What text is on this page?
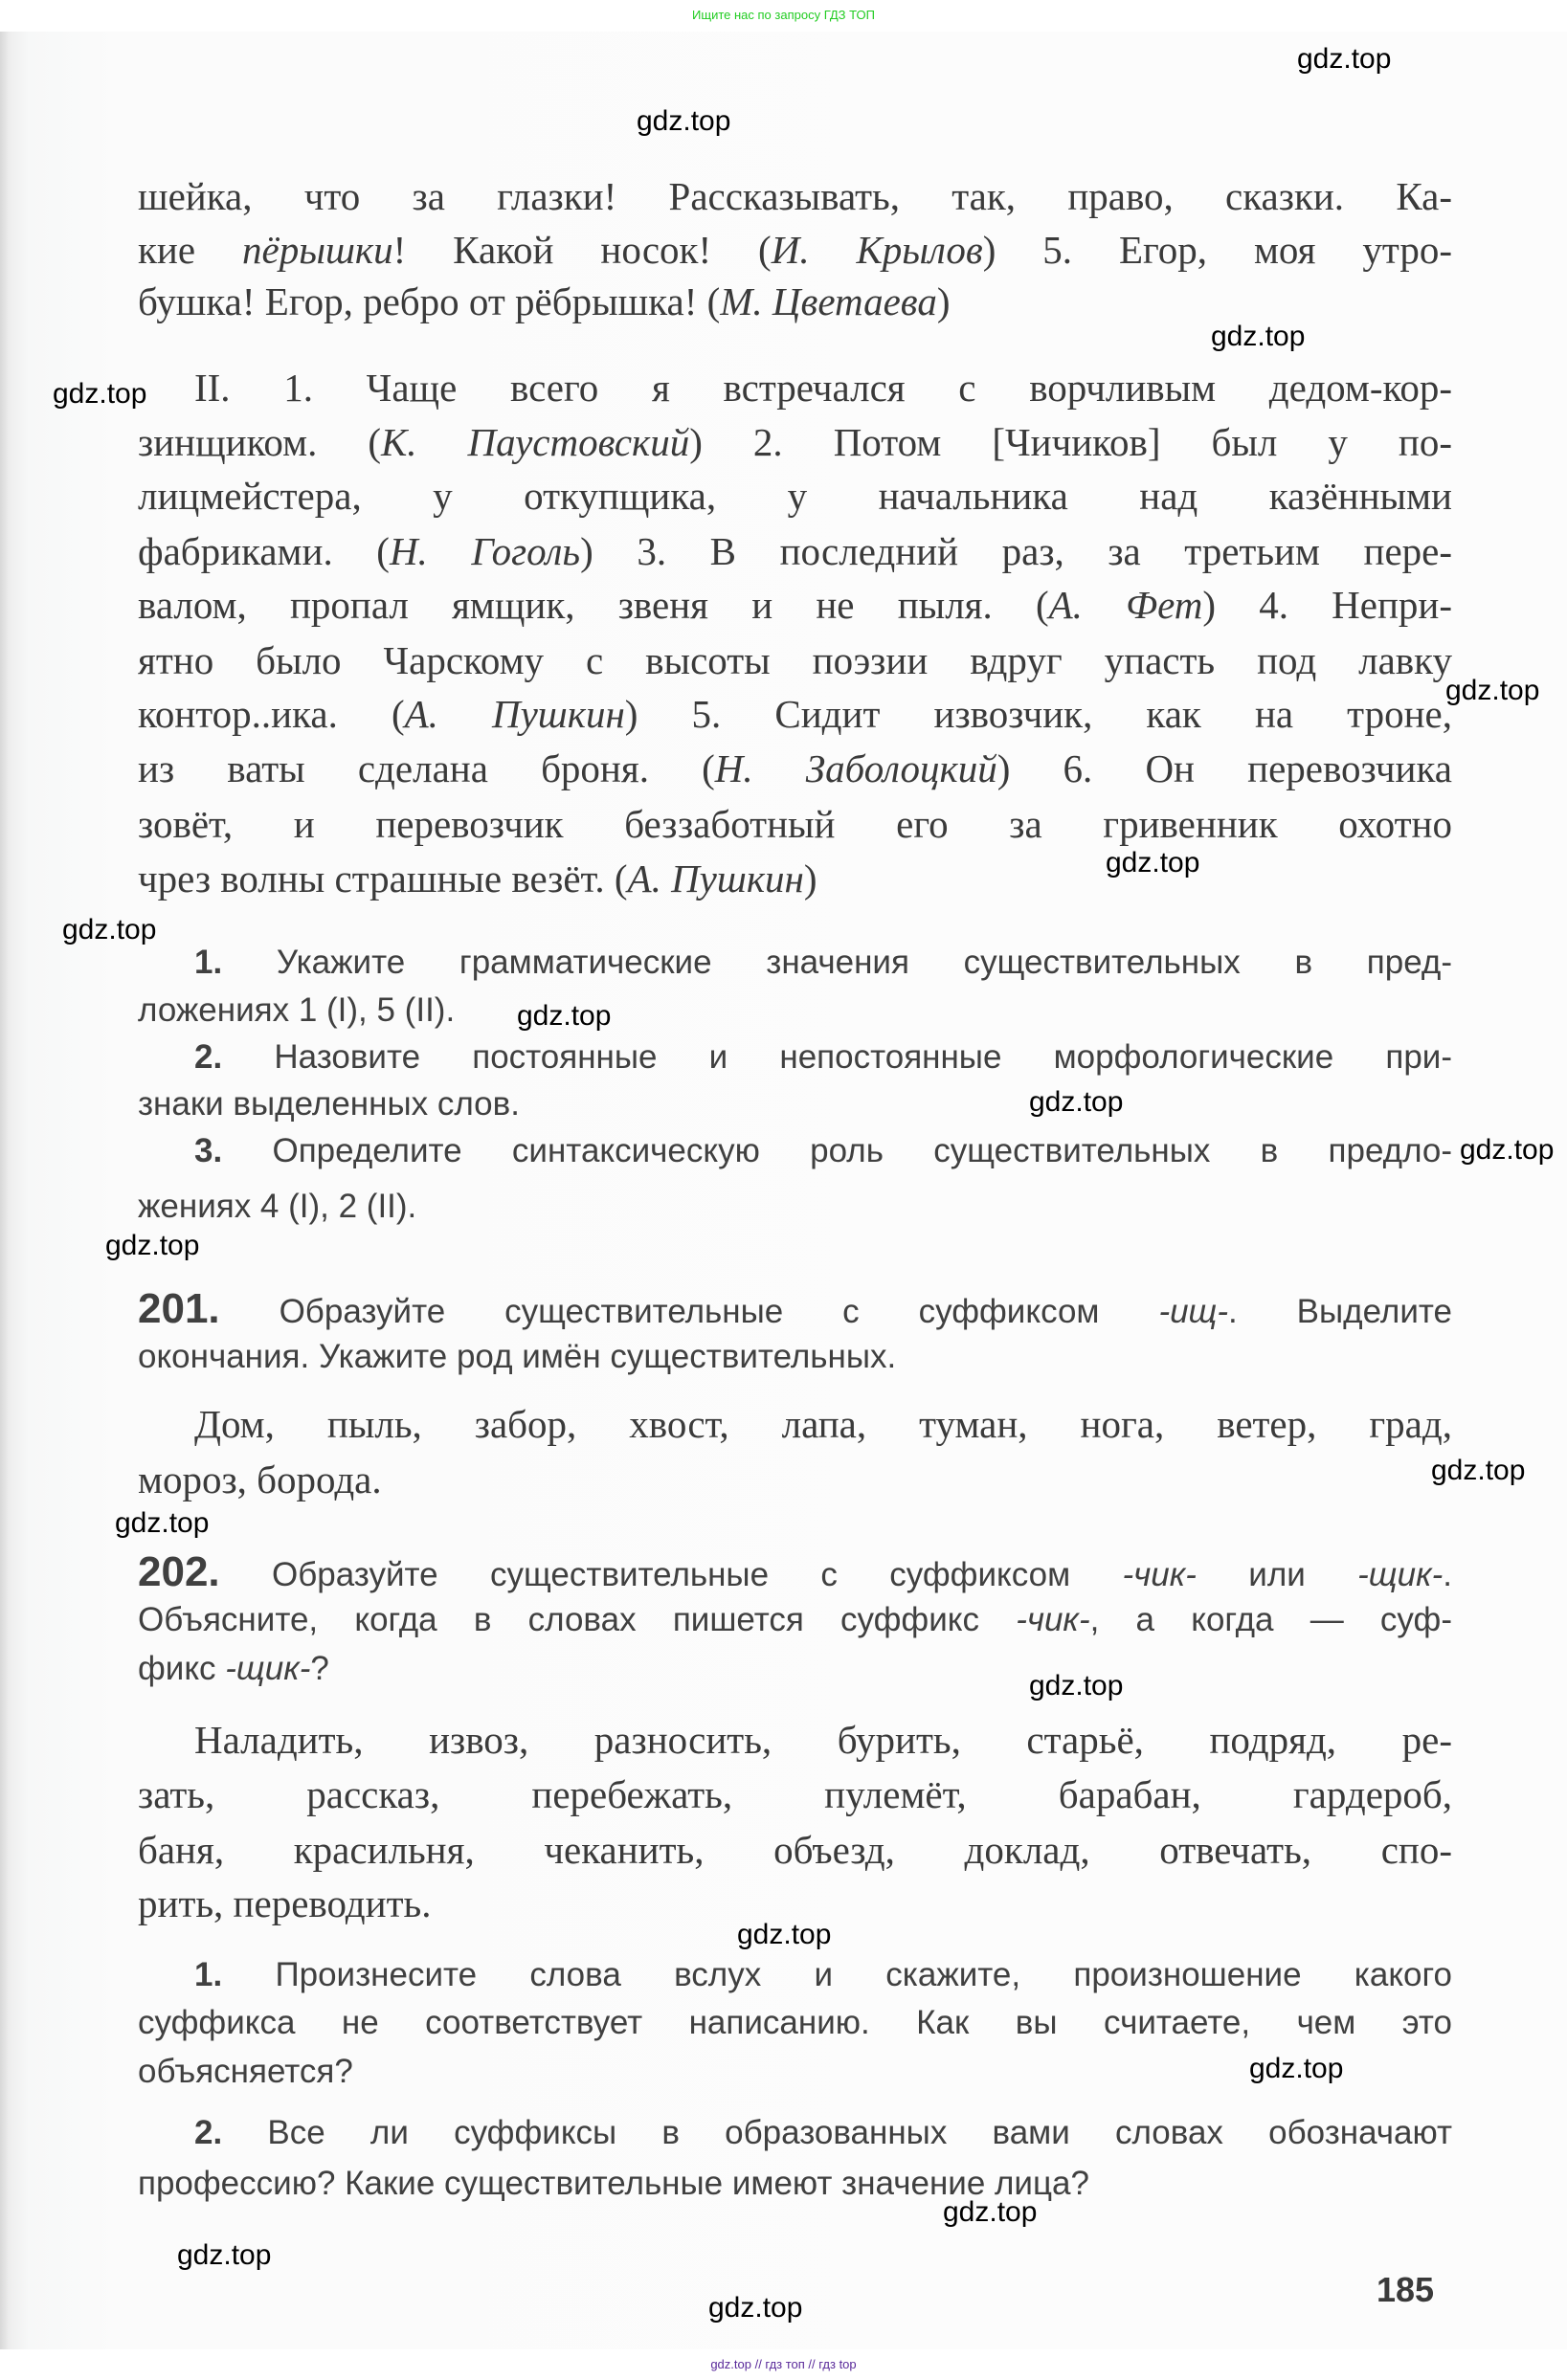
Ищите нас по запросу ГДЗ ТОП
шейка, что за глазки! Рассказывать, так, право, сказки. Ка-
кие пёрышки! Какой носок! (И. Крылов) 5. Егор, моя утро-
бушка! Егор, ребро от рёбрышка! (М. Цветаева)
II. 1. Чаще всего я встречался с ворчливым дедом-кор-
зинщиком. (К. Паустовский) 2. Потом [Чичиков] был у по-
лицмейстера, у откупщика, у начальника над казёнными
фабриками. (Н. Гоголь) 3. В последний раз, за третьим пере-
валом, пропал ямщик, звеня и не пыля. (А. Фет) 4. Непри-
ятно было Чарскому с высоты поэзии вдруг упасть под лавку
контор..ика. (А. Пушкин) 5. Сидит извозчик, как на троне,
из ваты сделана броня. (Н. Заболоцкий) 6. Он перевозчика
зовёт, и перевозчик беззаботный его за гривенник охотно
чрез волны страшные везёт. (А. Пушкин)
1. Укажите грамматические значения существительных в пред-
ложениях 1 (I), 5 (II).
2. Назовите постоянные и непостоянные морфологические при-
знаки выделенных слов.
3. Определите синтаксическую роль существительных в предло-
жениях 4 (I), 2 (II).
201. Образуйте существительные с суффиксом -ищ-. Выделите
окончания. Укажите род имён существительных.
Дом, пыль, забор, хвост, лапа, туман, нога, ветер, град,
мороз, борода.
202. Образуйте существительные с суффиксом -чик- или -щик-.
Объясните, когда в словах пишется суффикс -чик-, а когда — суф-
фикс -щик-?
Наладить, извоз, разносить, бурить, старьё, подряд, ре-
зать, рассказ, перебежать, пулемёт, барабан, гардероб,
баня, красильня, чеканить, объезд, доклад, отвечать, спо-
рить, переводить.
1. Произнесите слова вслух и скажите, произношение какого
суффикса не соответствует написанию. Как вы считаете, чем это
объясняется?
2. Все ли суффиксы в образованных вами словах обозначают
профессию? Какие существительные имеют значение лица?
gdz.top
gdz.top
gdz.top
gdz.top
gdz.top
gdz.top
gdz.top
gdz.top
gdz.top
gdz.top
gdz.top
gdz.top
gdz.top
gdz.top
gdz.top
gdz.top
gdz.top
gdz.top
gdz.top	185
gdz.top // гдз топ // гдз top
